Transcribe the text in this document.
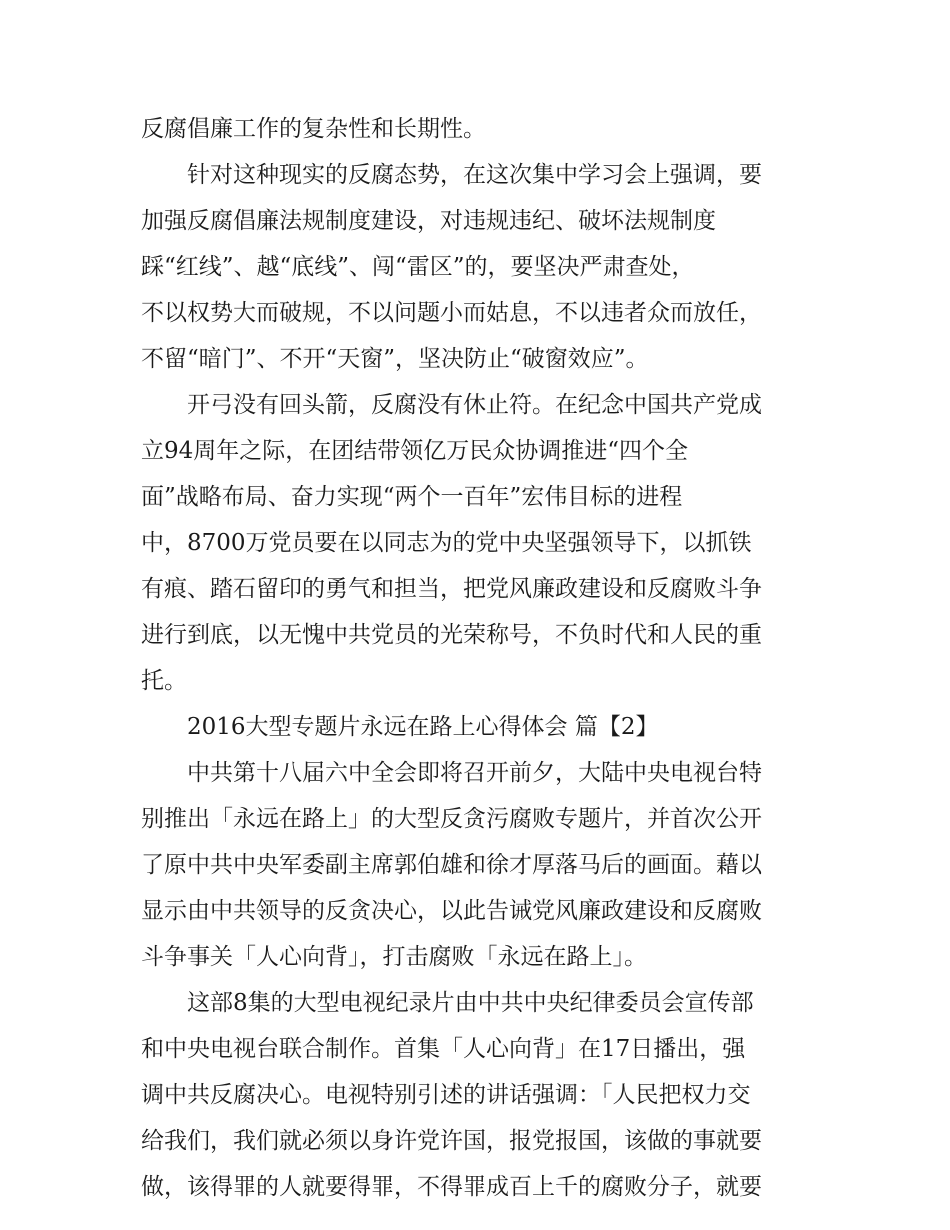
反腐倡廉工作的复杂性和长期性。
　　针对这种现实的反腐态势，在这次集中学习会上强调，要
加强反腐倡廉法规制度建设，对违规违纪、破坏法规制度
踩“红线”、越“底线”、闯“雷区”的，要坚决严肃查处，
不以权势大而破规，不以问题小而姑息，不以违者众而放任，
不留“暗门”、不开“天窗”，坚决防止“破窗效应”。
　　开弓没有回头箭，反腐没有休止符。在纪念中国共产党成
立94周年之际，在团结带领亿万民众协调推进“四个全
面”战略布局、奋力实现“两个一百年”宏伟目标的进程
中，8700万党员要在以同志为的党中央坚强领导下，以抓铁
有痕、踏石留印的勇气和担当，把党风廉政建设和反腐败斗争
进行到底，以无愧中共党员的光荣称号，不负时代和人民的重
托。
　　2016大型专题片永远在路上心得体会 篇【2】
　　中共第十八届六中全会即将召开前夕，大陆中央电视台特
别推出「永远在路上」的大型反贪污腐败专题片，并首次公开
了原中共中央军委副主席郭伯雄和徐才厚落马后的画面。藉以
显示由中共领导的反贪决心，以此告诫党风廉政建设和反腐败
斗争事关「人心向背」，打击腐败「永远在路上」。
　　这部8集的大型电视纪录片由中共中央纪律委员会宣传部
和中央电视台联合制作。首集「人心向背」在17日播出，强
调中共反腐决心。电视特别引述的讲话强调：「人民把权力交
给我们，我们就必须以身许党许国，报党报国，该做的事就要
做，该得罪的人就要得罪，不得罪成百上千的腐败分子，就要
